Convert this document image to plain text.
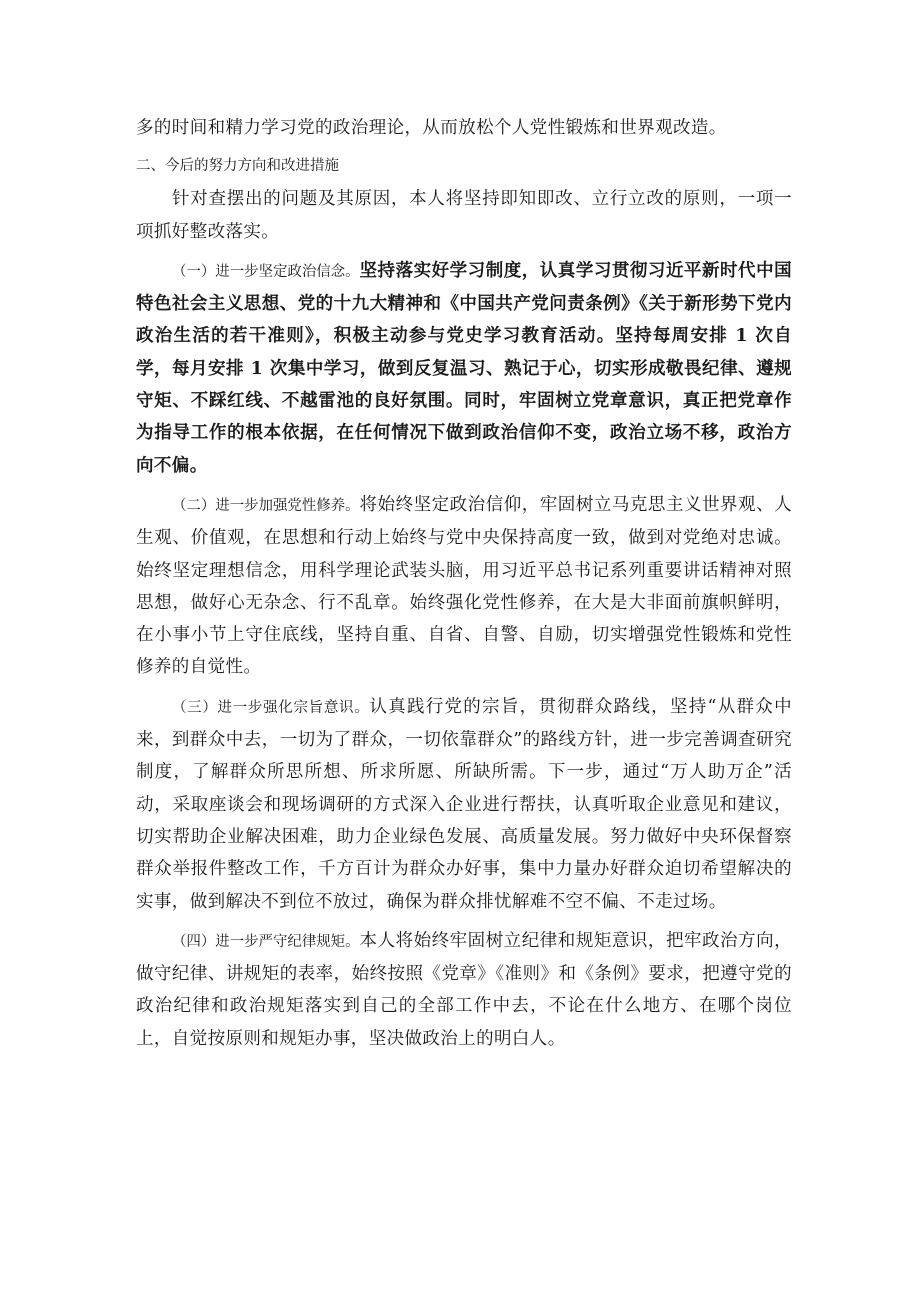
多的时间和精力学习党的政治理论，从而放松个人党性锻炼和世界观改造。

二、今后的努力方向和改进措施

针对查摆出的问题及其原因，本人将坚持即知即改、立行立改的原则，一项一项抓好整改落实。

（一）进一步坚定政治信念。坚持落实好学习制度，认真学习贯彻习近平新时代中国特色社会主义思想、党的十九大精神和《中国共产党问责条例》《关于新形势下党内政治生活的若干准则》，积极主动参与党史学习教育活动。坚持每周安排 1 次自学，每月安排 1 次集中学习，做到反复温习、熟记于心，切实形成敬畏纪律、遵规守矩、不踩红线、不越雷池的良好氛围。同时，牢固树立党章意识，真正把党章作为指导工作的根本依据，在任何情况下做到政治信仰不变，政治立场不移，政治方向不偏。

（二）进一步加强党性修养。将始终坚定政治信仰，牢固树立马克思主义世界观、人生观、价值观，在思想和行动上始终与党中央保持高度一致，做到对党绝对忠诚。始终坚定理想信念，用科学理论武装头脑，用习近平总书记系列重要讲话精神对照思想，做好心无杂念、行不乱章。始终强化党性修养，在大是大非面前旗帜鲜明，在小事小节上守住底线，坚持自重、自省、自警、自励，切实增强党性锻炼和党性修养的自觉性。

（三）进一步强化宗旨意识。认真践行党的宗旨，贯彻群众路线，坚持“从群众中来，到群众中去，一切为了群众，一切依靠群众”的路线方针，进一步完善调查研究制度，了解群众所思所想、所求所愿、所缺所需。下一步，通过“万人助万企”活动，采取座谈会和现场调研的方式深入企业进行帮扶，认真听取企业意见和建议，切实帮助企业解决困难，助力企业绿色发展、高质量发展。努力做好中央环保督察群众举报件整改工作，千方百计为群众办好事，集中力量办好群众迫切希望解决的实事，做到解决不到位不放过，确保为群众排忧解难不空不偏、不走过场。

（四）进一步严守纪律规矩。本人将始终牢固树立纪律和规矩意识，把牢政治方向，做守纪律、讲规矩的表率，始终按照《党章》《准则》和《条例》要求，把遵守党的政治纪律和政治规矩落实到自己的全部工作中去，不论在什么地方、在哪个岗位上，自觉按原则和规矩办事，坚决做政治上的明白人。
